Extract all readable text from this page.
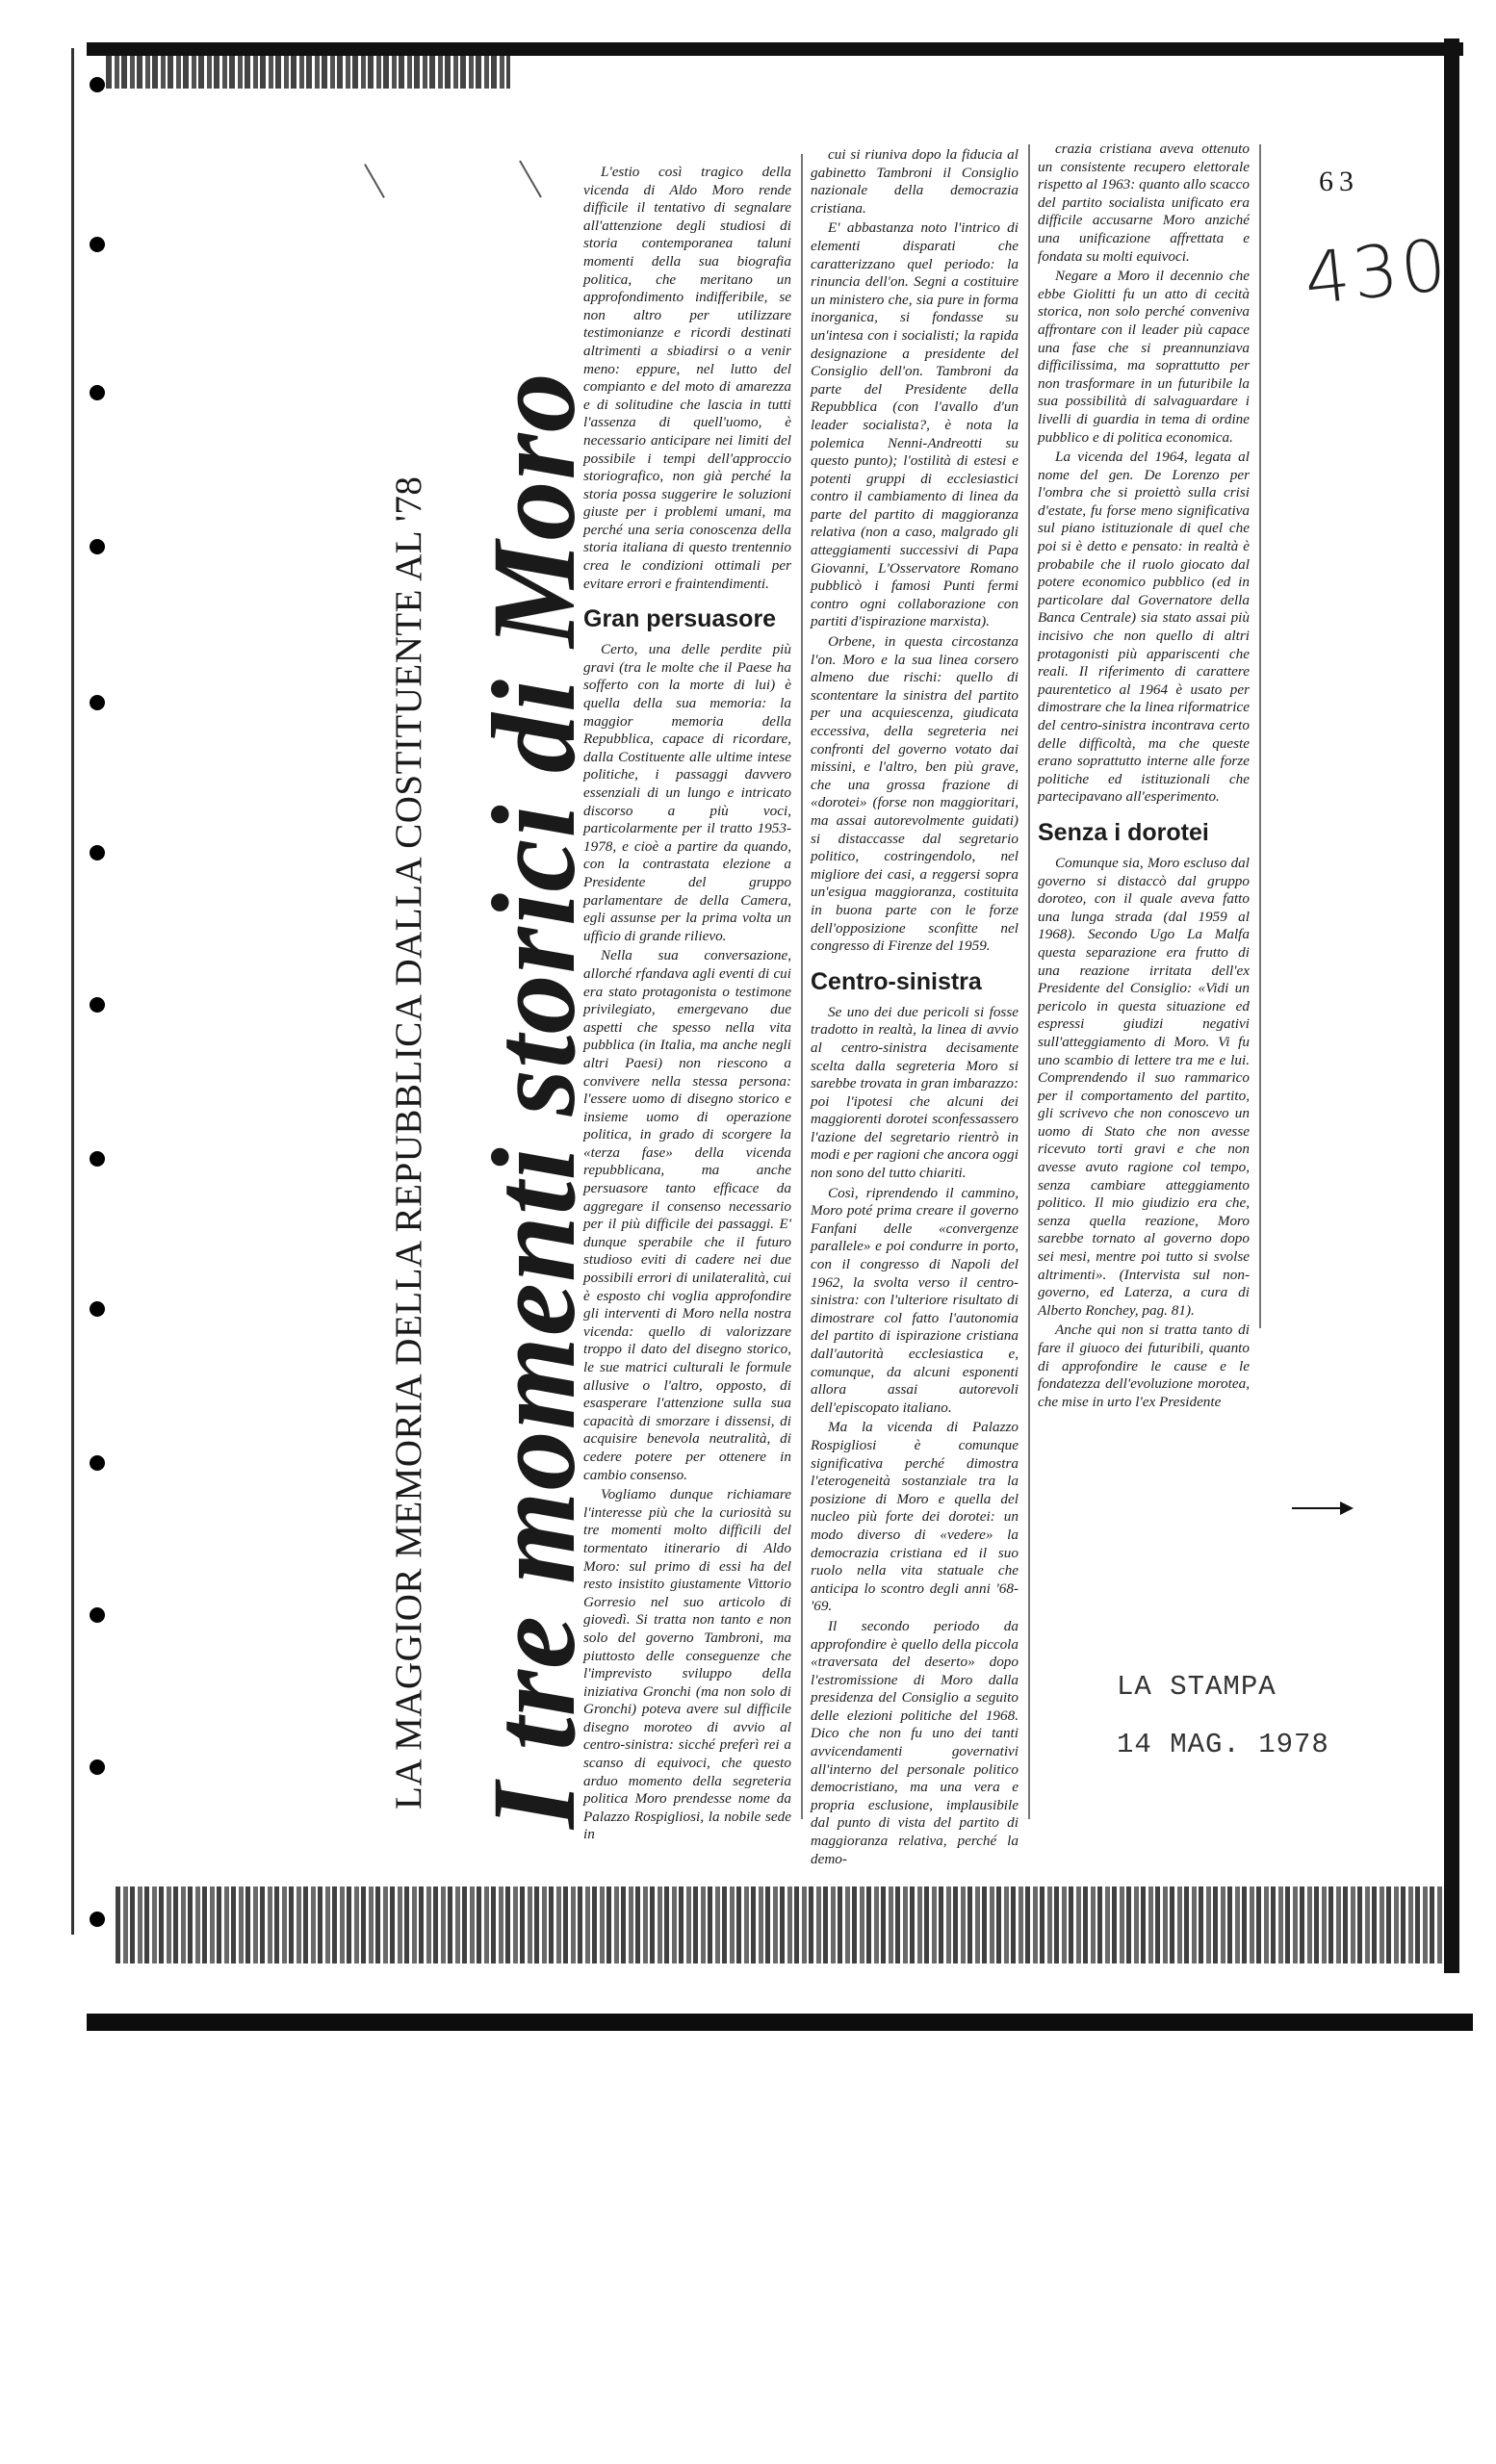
LA MAGGIOR MEMORIA DELLA REPUBBLICA DALLA COSTITUENTE AL '78 I tre momenti storici di Moro

L'estio così tragico della vicenda di Aldo Moro rende difficile il tentativo di segnalare all'attenzione degli studiosi di storia contemporanea taluni momenti della sua biografia politica, che meritano un approfondimento indifferibile, se non altro per utilizzare testimonianze e ricordi destinati altrimenti a sbiadirsi o a venir meno: eppure, nel lutto del compianto e del moto di amarezza e di solitudine che lascia in tutti l'assenza di quell'uomo, è necessario anticipare nei limiti del possibile i tempi dell'approccio storiografico, non già perché la storia possa suggerire le soluzioni giuste per i problemi umani, ma perché una seria conoscenza della storia italiana di questo trentennio crea le condizioni ottimali per evitare errori e fraintendimenti.

Gran persuasore

Certo, una delle perdite più gravi (tra le molte che il Paese ha sofferto con la morte di lui) è quella della sua memoria: la maggior memoria della Repubblica, capace di ricordare, dalla Costituente alle ultime intese politiche, i passaggi davvero essenziali di un lungo e intricato discorso a più voci, particolarmente per il tratto 1953-1978, e cioè a partire da quando, con la contrastata elezione a Presidente del gruppo parlamentare de della Camera, egli assunse per la prima volta un ufficio di grande rilievo.

Nella sua conversazione, allorché rfandava agli eventi di cui era stato protagonista o testimone privilegiato, emergevano due aspetti che spesso nella vita pubblica (in Italia, ma anche negli altri Paesi) non riescono a convivere nella stessa persona: l'essere uomo di disegno storico e insieme uomo di operazione politica, in grado di scorgere la «terza fase» della vicenda repubblicana, ma anche persuasore tanto efficace da aggregare il consenso necessario per il più difficile dei passaggi. E' dunque sperabile che il futuro studioso eviti di cadere nei due possibili errori di unilateralità, cui è esposto chi voglia approfondire gli interventi di Moro nella nostra vicenda: quello di valorizzare troppo il dato del disegno storico, le sue matrici culturali le formule allusive o l'altro, opposto, di esasperare l'attenzione sulla sua capacità di smorzare i dissensi, di acquisire benevola neutralità, di cedere potere per ottenere in cambio consenso.

Vogliamo dunque richiamare l'interesse più che la curiosità su tre momenti molto difficili del tormentato itinerario di Aldo Moro: sul primo di essi ha del resto insistito giustamente Vittorio Gorresio nel suo articolo di giovedì. Si tratta non tanto e non solo del governo Tambroni, ma piuttosto delle conseguenze che l'imprevisto sviluppo della iniziativa Gronchi (ma non solo di Gronchi) poteva avere sul difficile disegno moroteo di avvio al centro-sinistra: sicché preferì rei a scanso di equivoci, che questo arduo momento della segreteria politica Moro prendesse nome da Palazzo Rospigliosi, la nobile sede in

cui si riuniva dopo la fiducia al gabinetto Tambroni il Consiglio nazionale della democrazia cristiana.

E' abbastanza noto l'intrico di elementi disparati che caratterizzano quel periodo: la rinuncia dell'on. Segni a costituire un ministero che, sia pure in forma inorganica, si fondasse su un'intesa con i socialisti; la rapida designazione a presidente del Consiglio dell'on. Tambroni da parte del Presidente della Repubblica (con l'avallo d'un leader socialista?, è nota la polemica Nenni-Andreotti su questo punto); l'ostilità di estesi e potenti gruppi di ecclesiastici contro il cambiamento di linea da parte del partito di maggioranza relativa (non a caso, malgrado gli atteggiamenti successivi di Papa Giovanni, L'Osservatore Romano pubblicò i famosi Punti fermi contro ogni collaborazione con partiti d'ispirazione marxista).

Orbene, in questa circostanza l'on. Moro e la sua linea corsero almeno due rischi: quello di scontentare la sinistra del partito per una acquiescenza, giudicata eccessiva, della segreteria nei confronti del governo votato dai missini, e l'altro, ben più grave, che una grossa frazione di «dorotei» (forse non maggioritari, ma assai autorevolmente guidati) si distaccasse dal segretario politico, costringendolo, nel migliore dei casi, a reggersi sopra un'esigua maggioranza, costituita in buona parte con le forze dell'opposizione sconfitte nel congresso di Firenze del 1959.

Centro-sinistra

Se uno dei due pericoli si fosse tradotto in realtà, la linea di avvio al centro-sinistra decisamente scelta dalla segreteria Moro si sarebbe trovata in gran imbarazzo: poi l'ipotesi che alcuni dei maggiorenti dorotei sconfessassero l'azione del segretario rientrò in modi e per ragioni che ancora oggi non sono del tutto chiariti.

Così, riprendendo il cammino, Moro poté prima creare il governo Fanfani delle «convergenze parallele» e poi condurre in porto, con il congresso di Napoli del 1962, la svolta verso il centro-sinistra: con l'ulteriore risultato di dimostrare col fatto l'autonomia del partito di ispirazione cristiana dall'autorità ecclesiastica e, comunque, da alcuni esponenti allora assai autorevoli dell'episcopato italiano.

Ma la vicenda di Palazzo Rospigliosi è comunque significativa perché dimostra l'eterogeneità sostanziale tra la posizione di Moro e quella del nucleo più forte dei dorotei: un modo diverso di «vedere» la democrazia cristiana ed il suo ruolo nella vita statuale che anticipa lo scontro degli anni '68-'69.

Il secondo periodo da approfondire è quello della piccola «traversata del deserto» dopo l'estromissione di Moro dalla presidenza del Consiglio a seguito delle elezioni politiche del 1968. Dico che non fu uno dei tanti avvicendamenti governativi all'interno del personale politico democristiano, ma una vera e propria esclusione, implausibile dal punto di vista del partito di maggioranza relativa, perché la demo-

crazia cristiana aveva ottenuto un consistente recupero elettorale rispetto al 1963: quanto allo scacco del partito socialista unificato era difficile accusarne Moro anziché una unificazione affrettata e fondata su molti equivoci.

Negare a Moro il decennio che ebbe Giolitti fu un atto di cecità storica, non solo perché conveniva affrontare con il leader più capace una fase che si preannunziava difficilissima, ma soprattutto per non trasformare in un futuribile la sua possibilità di salvaguardare i livelli di guardia in tema di ordine pubblico e di politica economica.

La vicenda del 1964, legata al nome del gen. De Lorenzo per l'ombra che si proiettò sulla crisi d'estate, fu forse meno significativa sul piano istituzionale di quel che poi si è detto e pensato: in realtà è probabile che il ruolo giocato dal potere economico pubblico (ed in particolare dal Governatore della Banca Centrale) sia stato assai più incisivo che non quello di altri protagonisti più appariscenti che reali. Il riferimento di carattere paurentetico al 1964 è usato per dimostrare che la linea riformatrice del centro-sinistra incontrava certo delle difficoltà, ma che queste erano soprattutto interne alle forze politiche ed istituzionali che partecipavano all'esperimento.

Senza i dorotei

Comunque sia, Moro escluso dal governo si distaccò dal gruppo doroteo, con il quale aveva fatto una lunga strada (dal 1959 al 1968). Secondo Ugo La Malfa questa separazione era frutto di una reazione irritata dell'ex Presidente del Consiglio: «Vidi un pericolo in questa situazione ed espressi giudizi negativi sull'atteggiamento di Moro. Vi fu uno scambio di lettere tra me e lui. Comprendendo il suo rammarico per il comportamento del partito, gli scrivevo che non conoscevo un uomo di Stato che non avesse ricevuto torti gravi e che non avesse avuto ragione col tempo, senza cambiare atteggiamento politico. Il mio giudizio era che, senza quella reazione, Moro sarebbe tornato al governo dopo sei mesi, mentre poi tutto si svolse altrimenti». (Intervista sul non-governo, ed Laterza, a cura di Alberto Ronchey, pag. 81).

Anche qui non si tratta tanto di fare il giuoco dei futuribili, quanto di approfondire le cause e le fondatezza dell'evoluzione morotea, che mise in urto l'ex Presidente

63
430
LA STAMPA
14 MAG. 1978
